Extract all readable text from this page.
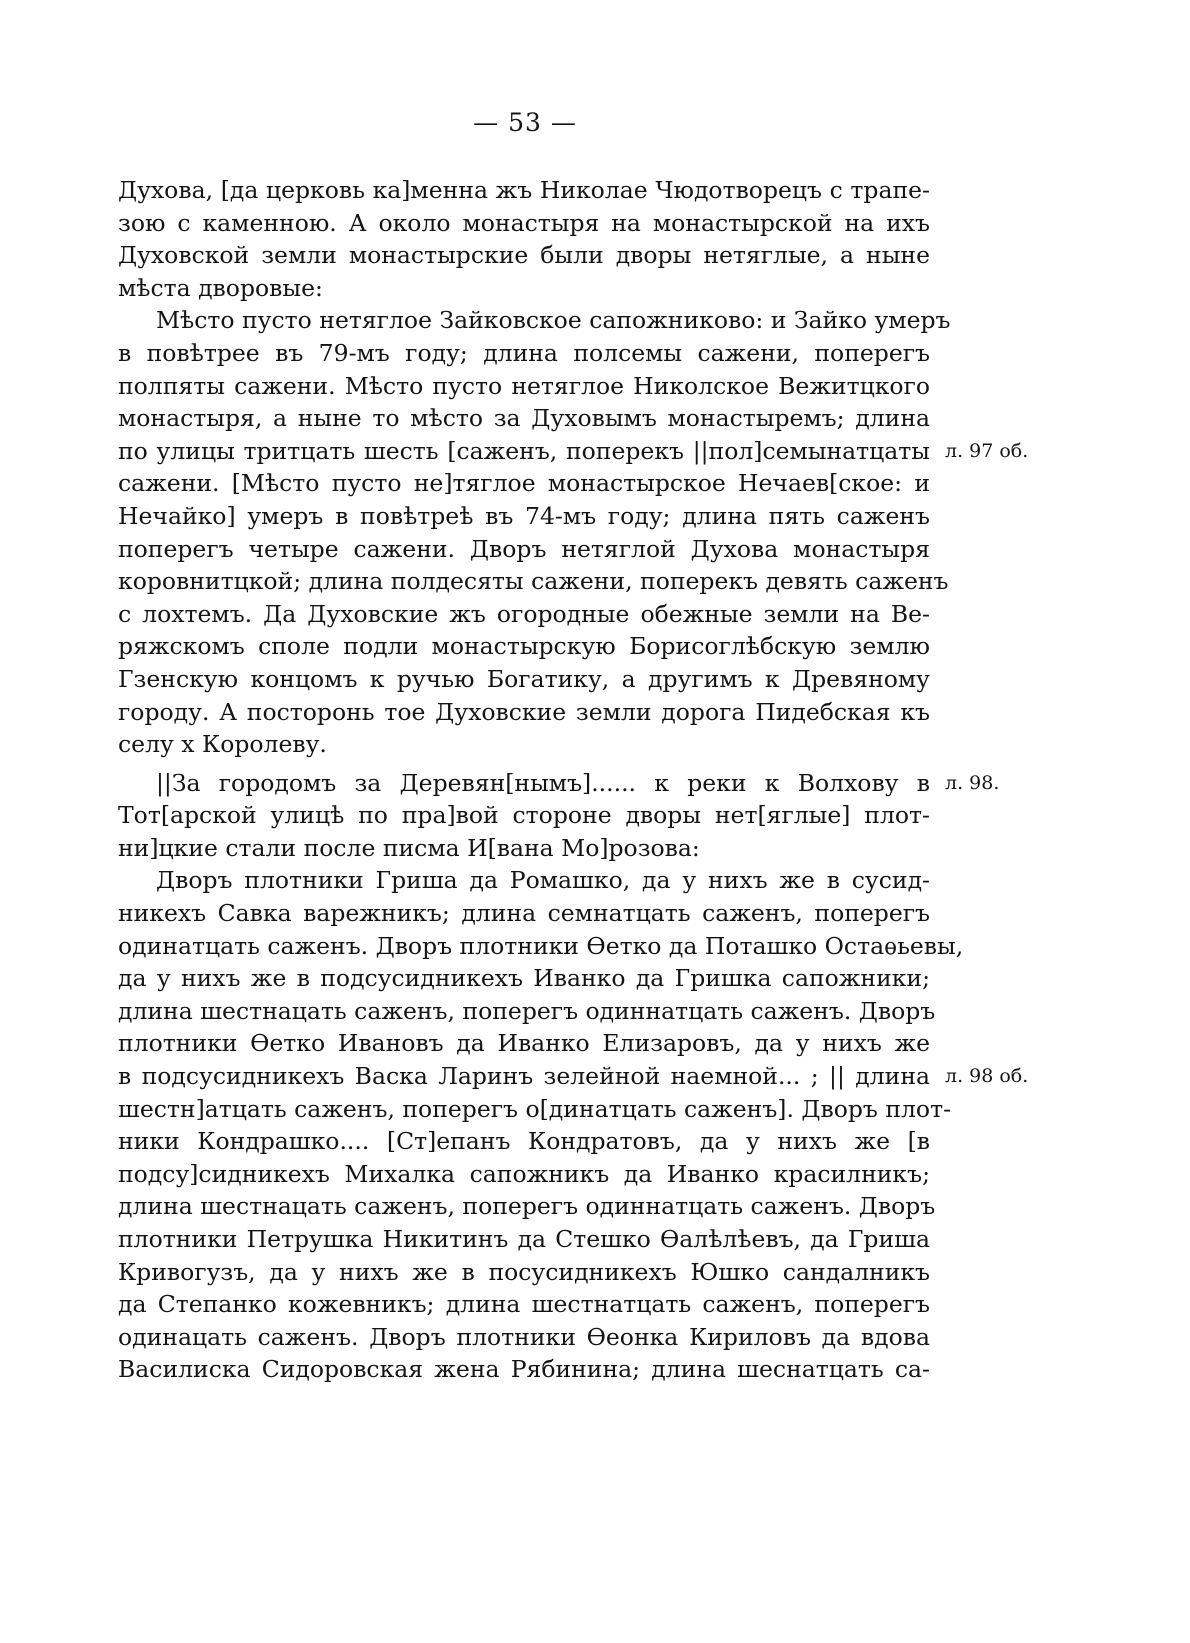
— 53 —
Духова, [да церковь ка]менна жъ Николае Чюдотворецъ с трапе-
зою с каменною. А около монастыря на монастырской на ихъ
Духовской земли монастырские были дворы нетяглые, а ныне
мѣста дворовые:
Мѣсто пусто нетяглое Зайковское сапожниково: и Зайко умеръ
в повѣтрее въ 79-мъ году; длина полсемы сажени, поперегъ
полпяты сажени. Мѣсто пусто нетяглое Николское Вежитцкого
монастыря, а ныне то мѣсто за Духовымъ монастыремъ; длина
по улицы тритцать шесть [саженъ, поперекъ ||пол]семынатцаты
сажени. [Мѣсто пусто не]тяглое монастырское Нечаев[ское: и
Нечайко] умеръ в повѣтреѣ въ 74-мъ году; длина пять саженъ
поперегъ четыре сажени. Дворъ нетяглой Духова монастыря
коровнитцкой; длина полдесяты сажени, поперекъ девять саженъ
с лохтемъ. Да Духовские жъ огородные обежные земли на Ве-
ряжскомъ споле подли монастырскую Борисоглѣбскую землю
Гзенскую концомъ к ручью Богатику, а другимъ к Древяному
городу. А посторонь тое Духовские земли дорога Пидебская къ
селу х Королеву.
||За городомъ за Деревян[нымъ]...... к реки к Волхову в
Тот[арской улицѣ по пра]вой стороне дворы нет[яглые] плот-
ни]цкие стали после писма И[вана Мо]розова:
Дворъ плотники Гриша да Ромашко, да у нихъ же в сусид-
никехъ Савка варежникъ; длина семнатцать саженъ, поперегъ
одинатцать саженъ. Дворъ плотники Ѳетко да Поташко Остаѳьевы,
да у нихъ же в подсусидникехъ Иванко да Гришка сапожники;
длина шестнацать саженъ, поперегъ одиннатцать саженъ. Дворъ
плотники Ѳетко Ивановъ да Иванко Елизаровъ, да у нихъ же
в подсусидникехъ Васка Ларинъ зелейной наемной... ; || длина
шестн]атцать саженъ, поперегъ о[динатцать саженъ]. Дворъ плот-
ники Кондрашко.... [Ст]епанъ Кондратовъ, да у нихъ же [в
подсу]сидникехъ Михалка сапожникъ да Иванко красилникъ;
длина шестнацать саженъ, поперегъ одиннатцать саженъ. Дворъ
плотники Петрушка Никитинъ да Стешко Ѳалѣлѣевъ, да Гриша
Кривогузъ, да у нихъ же в посусидникехъ Юшко сандалникъ
да Степанко кожевникъ; длина шестнатцать саженъ, поперегъ
одинацать саженъ. Дворъ плотники Ѳеонка Кириловъ да вдова
Василиска Сидоровская жена Рябинина; длина шеснатцать са-
л. 97 об.
л. 98.
л. 98 об.
